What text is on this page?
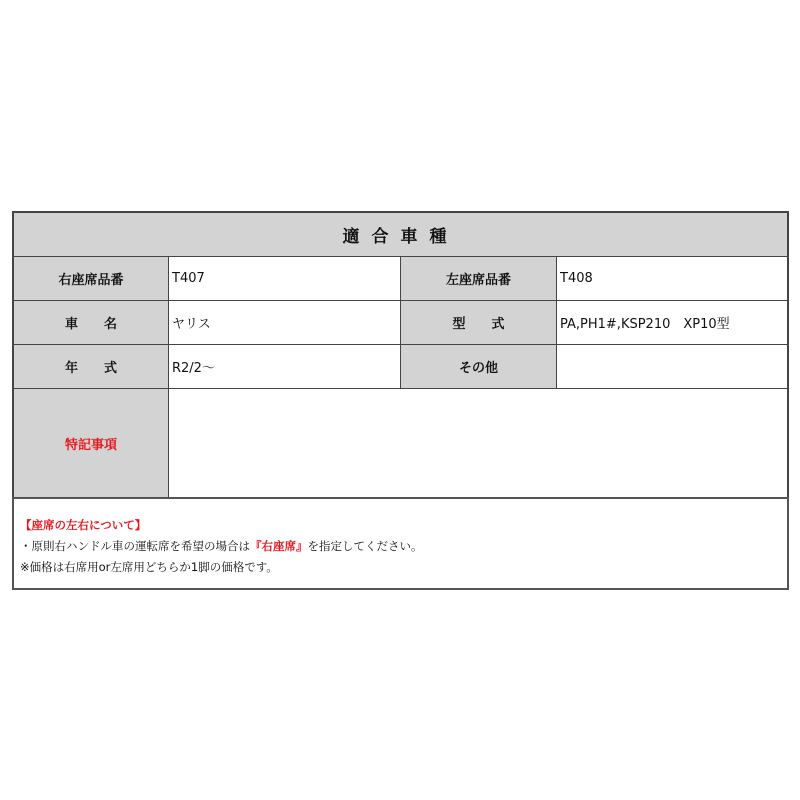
適合車種
右座席品番	T407	左座席品番	T408
車　　名	ヤリス	型　　式	PA,PH1#,KSP210　XP10型
年　　式	R2/2～	その他
特記事項
【座席の左右について】
・原則右ハンドル車の運転席を希望の場合は『右座席』を指定してください。
※価格は右席用or左席用どちらか1脚の価格です。
